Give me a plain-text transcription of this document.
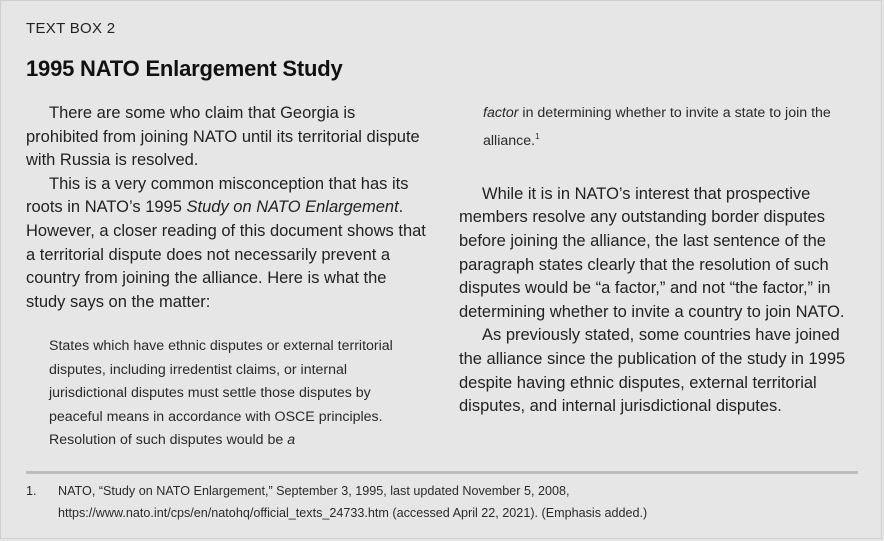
TEXT BOX 2
1995 NATO Enlargement Study

There are some who claim that Georgia is prohibited from joining NATO until its territorial dispute with Russia is resolved.

This is a very common misconception that has its roots in NATO’s 1995 Study on NATO Enlargement. However, a closer reading of this document shows that a territorial dispute does not necessarily prevent a country from joining the alliance. Here is what the study says on the matter:

States which have ethnic disputes or external territorial disputes, including irredentist claims, or internal jurisdictional disputes must settle those disputes by peaceful means in accordance with OSCE principles. Resolution of such disputes would be a

factor in determining whether to invite a state to join the alliance.$^1$

While it is in NATO’s interest that prospective members resolve any outstanding border disputes before joining the alliance, the last sentence of the paragraph states clearly that the resolution of such disputes would be “a factor,” and not “the factor,” in determining whether to invite a country to join NATO.

As previously stated, some countries have joined the alliance since the publication of the study in 1995 despite having ethnic disputes, external territorial disputes, and internal jurisdictional disputes.

1. NATO, “Study on NATO Enlargement,” September 3, 1995, last updated November 5, 2008, https://www.nato.int/cps/en/natohq/official_texts_24733.htm (accessed April 22, 2021). (Emphasis added.)
